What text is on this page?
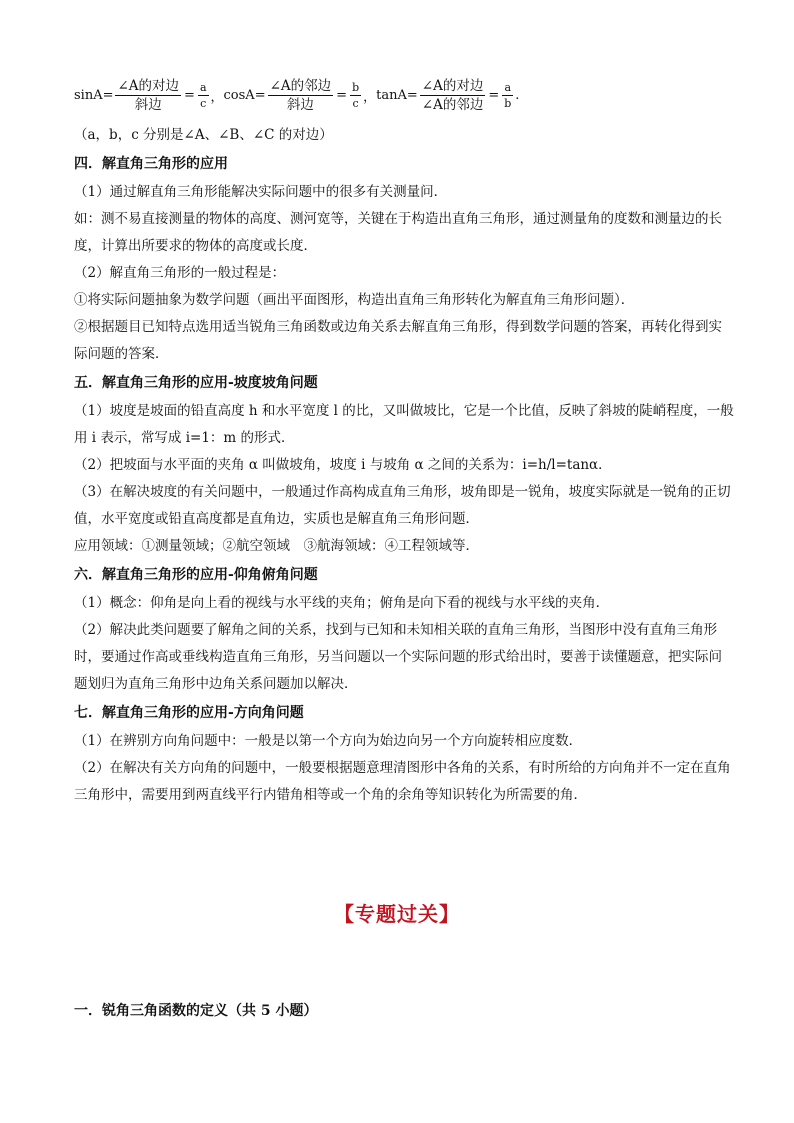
$\sin A= \frac{\text{∠A的对边}}{\text{斜边}} = \frac{a}{c}$ ， $\cos A= \frac{\text{∠A的邻边}}{\text{斜边}} = \frac{b}{c}$ ， $\tan A= \frac{\text{∠A的对边}}{\text{∠A的邻边}} = \frac{a}{b}$ .

（a，b，c 分别是∠A、∠B、∠C 的对边）

四．解直角三角形的应用

（1）通过解直角三角形能解决实际问题中的很多有关测量问．

如：测不易直接测量的物体的高度、测河宽等，关键在于构造出直角三角形，通过测量角的度数和测量边的长度，计算出所要求的物体的高度或长度．

（2）解直角三角形的一般过程是：

①将实际问题抽象为数学问题（画出平面图形，构造出直角三角形转化为解直角三角形问题）．

②根据题目已知特点选用适当锐角三角函数或边角关系去解直角三角形，得到数学问题的答案，再转化得到实际问题的答案．

五．解直角三角形的应用-坡度坡角问题

（1）坡度是坡面的铅直高度 h 和水平宽度 l 的比，又叫做坡比，它是一个比值，反映了斜坡的陡峭程度，一般用 i 表示，常写成 i=1：m 的形式．

（2）把坡面与水平面的夹角 α 叫做坡角，坡度 i 与坡角 α 之间的关系为：i=h/l=tanα．

（3）在解决坡度的有关问题中，一般通过作高构成直角三角形，坡角即是一锐角，坡度实际就是一锐角的正切值，水平宽度或铅直高度都是直角边，实质也是解直角三角形问题．

应用领域：①测量领域；②航空领域　③航海领域：④工程领域等．

六．解直角三角形的应用-仰角俯角问题

（1）概念：仰角是向上看的视线与水平线的夹角；俯角是向下看的视线与水平线的夹角．

（2）解决此类问题要了解角之间的关系，找到与已知和未知相关联的直角三角形，当图形中没有直角三角形时，要通过作高或垂线构造直角三角形，另当问题以一个实际问题的形式给出时，要善于读懂题意，把实际问题划归为直角三角形中边角关系问题加以解决．

七．解直角三角形的应用-方向角问题

（1）在辨别方向角问题中：一般是以第一个方向为始边向另一个方向旋转相应度数．

（2）在解决有关方向角的问题中，一般要根据题意理清图形中各角的关系，有时所给的方向角并不一定在直角三角形中，需要用到两直线平行内错角相等或一个角的余角等知识转化为所需要的角．

【专题过关】
一．锐角三角函数的定义（共 5 小题）
